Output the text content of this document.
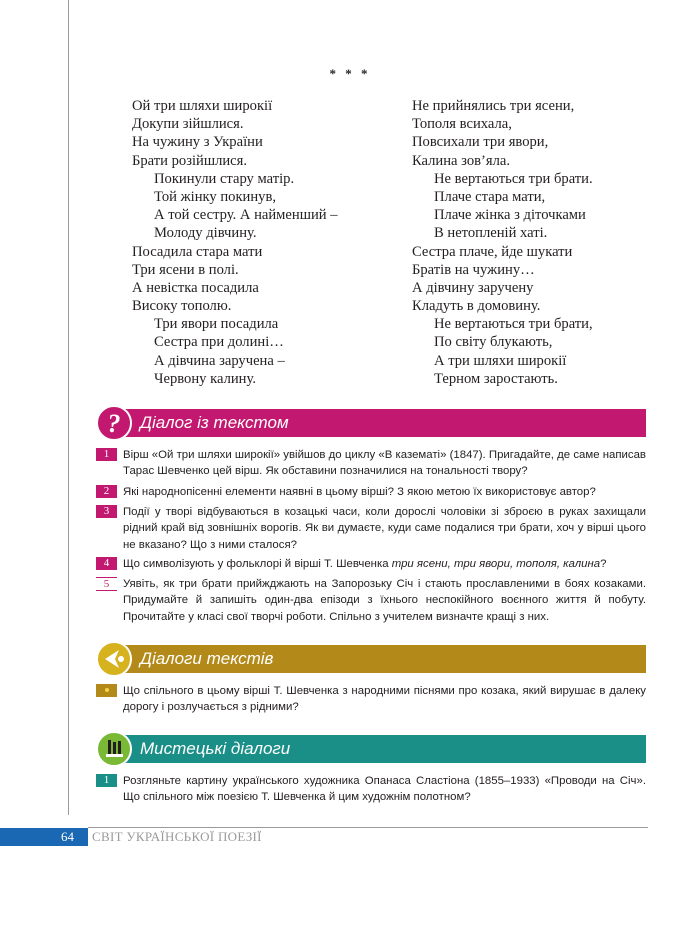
* * *
Ой три шляхи широкії
Докупи зійшлися.
На чужину з України
Брати розійшлися.
Покинули стару матір.
Той жінку покинув,
А той сестру. А найменший –
Молоду дівчину.
Посадила стара мати
Три ясени в полі.
А невістка посадила
Високу тополю.
Три явори посадила
Сестра при долині…
А дівчина заручена –
Червону калину.
Не прийнялись три ясени,
Тополя всихала,
Повсихали три явори,
Калина зов’яла.
Не вертаються три брати.
Плаче стара мати,
Плаче жінка з діточками
В нетопленій хаті.
Сестра плаче, йде шукати
Братів на чужину…
А дівчину заручену
Кладуть в домовину.
Не вертаються три брати,
По світу блукають,
А три шляхи широкії
Терном заростають.
? Діалог із текстом
1	Вірш «Ой три шляхи широкії» увійшов до циклу «В казематі» (1847). Пригадайте, де саме написав Тарас Шевченко цей вірш. Як обставини позначилися на тональності твору?
2	Які народнопісенні елементи наявні в цьому вірші? З якою метою їх використовує автор?
3	Події у творі відбуваються в козацькі часи, коли дорослі чоловіки зі зброєю в руках захищали рідний край від зовнішніх ворогів. Як ви думаєте, куди саме подалися три брати, хоч у вірші цього не вказано? Що з ними сталося?
4	Що символізують у фольклорі й вірші Т. Шевченка три ясени, три явори, тополя, калина?
5	Уявіть, як три брати прийжджають на Запорозьку Січ і стають прославленими в боях козаками. Придумайте й запишіть один-два епізоди з їхнього неспокійного воєнного життя й побуту. Прочитайте у класі свої творчі роботи. Спільно з учителем визначте кращі з них.
Діалоги текстів
Що спільного в цьому вірші Т. Шевченка з народними піснями про козака, який вирушає в далеку дорогу і розлучається з рідними?
Мистецькі діалоги
1	Розгляньте картину українського художника Опанаса Сластіона (1855–1933) «Проводи на Січ». Що спільного між поезією Т. Шевченка й цим художнім полотном?
64 СВІТ УКРАЇНСЬКОЇ ПОЕЗІЇ
